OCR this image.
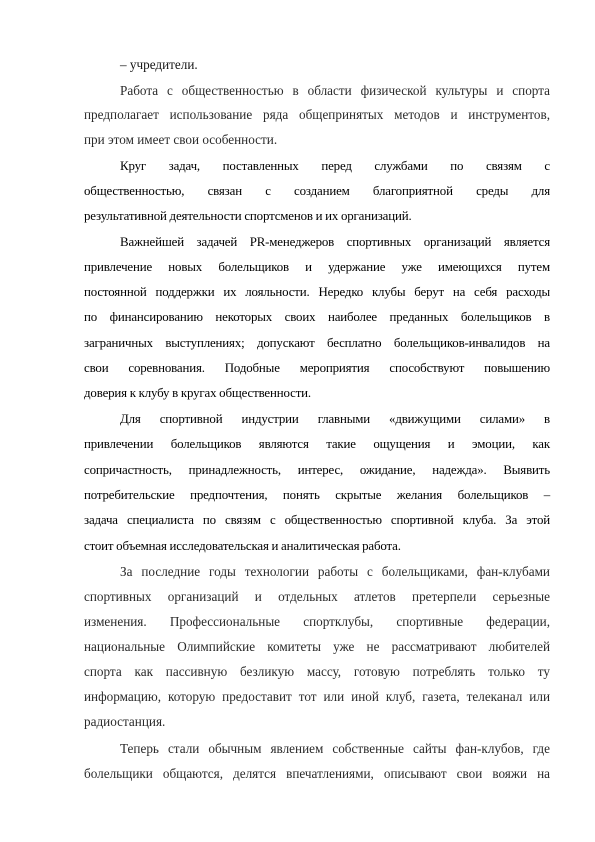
– учредители.
Работа с общественностью в области физической культуры и спорта
предполагает использование ряда общепринятых методов и инструментов,
при этом имеет свои особенности.
Круг задач, поставленных перед службами по связям с
общественностью, связан с созданием благоприятной среды для
результативной деятельности спортсменов и их организаций.
Важнейшей задачей PR-менеджеров спортивных организаций является
привлечение новых болельщиков и удержание уже имеющихся путем
постоянной поддержки их лояльности. Нередко клубы берут на себя расходы
по финансированию некоторых своих наиболее преданных болельщиков в
заграничных выступлениях; допускают бесплатно болельщиков-инвалидов на
свои соревнования. Подобные мероприятия способствуют повышению
доверия к клубу в кругах общественности.
Для спортивной индустрии главными «движущими силами» в
привлечении болельщиков являются такие ощущения и эмоции, как
сопричастность, принадлежность, интерес, ожидание, надежда». Выявить
потребительские предпочтения, понять скрытые желания болельщиков –
задача специалиста по связям с общественностью спортивной клуба. За этой
стоит объемная исследовательская и аналитическая работа.
За последние годы технологии работы с болельщиками, фан-клубами
спортивных организаций и отдельных атлетов претерпели серьезные
изменения. Профессиональные спортклубы, спортивные федерации,
национальные Олимпийские комитеты уже не рассматривают любителей
спорта как пассивную безликую массу, готовую потреблять только ту
информацию, которую предоставит тот или иной клуб, газета, телеканал или
радиостанция.
Теперь стали обычным явлением собственные сайты фан-клубов, где
болельщики общаются, делятся впечатлениями, описывают свои вояжи на
